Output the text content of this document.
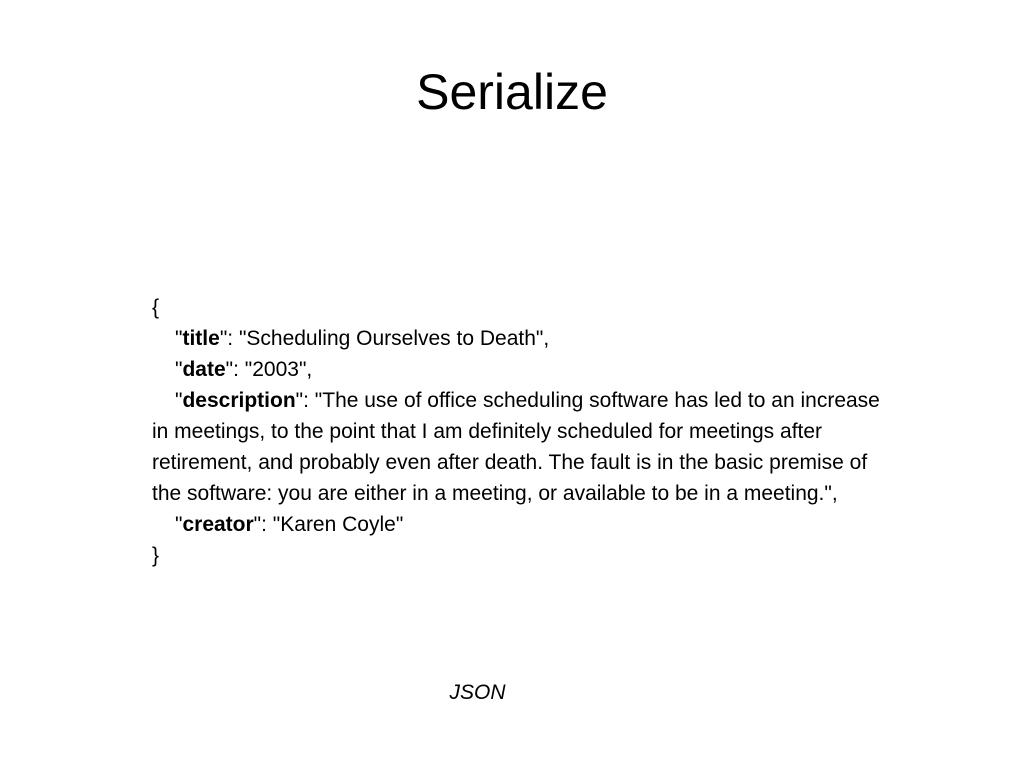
Serialize

{

"title": "Scheduling Ourselves to Death",

"date": "2003",

"description": "The use of office scheduling software has led to an increase in meetings, to the point that I am definitely scheduled for meetings after retirement, and probably even after death. The fault is in the basic premise of the software: you are either in a meeting, or available to be in a meeting.",

"creator": "Karen Coyle"

}

JSON
